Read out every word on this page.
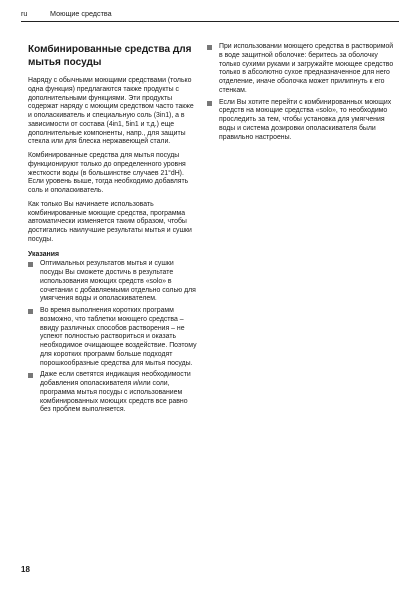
ru	Моющие средства
Комбинированные средства для мытья посуды

Наряду с обычными моющими средствами (только одна функция) предлагаются также продукты с дополнительными функциями. Эти продукты содержат наряду с моющим средством часто также и ополаскиватель и специальную соль (3in1), а в зависимости от состава (4in1, 5in1 и т.д.) еще дополнительные компоненты, напр., для защиты стекла или для блеска нержавеющей стали.

Комбинированные средства для мытья посуды функционируют только до определенного уровня жесткости воды (в большинстве случаев 21°dH). Если уровень выше, тогда необходимо добавлять соль и ополаскиватель.

Как только Вы начинаете использовать комбинированные моющие средства, программа автоматически изменяется таким образом, чтобы достигались наилучшие результаты мытья и сушки посуды.

Указания
Оптимальных результатов мытья и сушки посуды Вы сможете достичь в результате использования моющих средств «solo» в сочетании с добавляемыми отдельно солью для умягчения воды и ополаскивателем.
Во время выполнения коротких программ возможно, что таблетки моющего средства – ввиду различных способов растворения – не успеют полностью раствориться и оказать необходимое очищающее воздействие. Поэтому для коротких программ больше подходят порошкообразные средства для мытья посуды.
Даже если светятся индикация необходимости добавления ополаскивателя и/или соли, программа мытья посуды с использованием комбинированных моющих средств все равно без проблем выполняется.
При использовании моющего средства в растворимой в воде защитной оболочке: беритесь за оболочку только сухими руками и загружайте моющее средство только в абсолютно сухое предназначенное для него отделение, иначе оболочка может прилипнуть к его стенкам.
Если Вы хотите перейти с комбинированных моющих средств на моющие средства «solo», то необходимо проследить за тем, чтобы установка для умягчения воды и система дозировки ополаскивателя были правильно настроены.
18
